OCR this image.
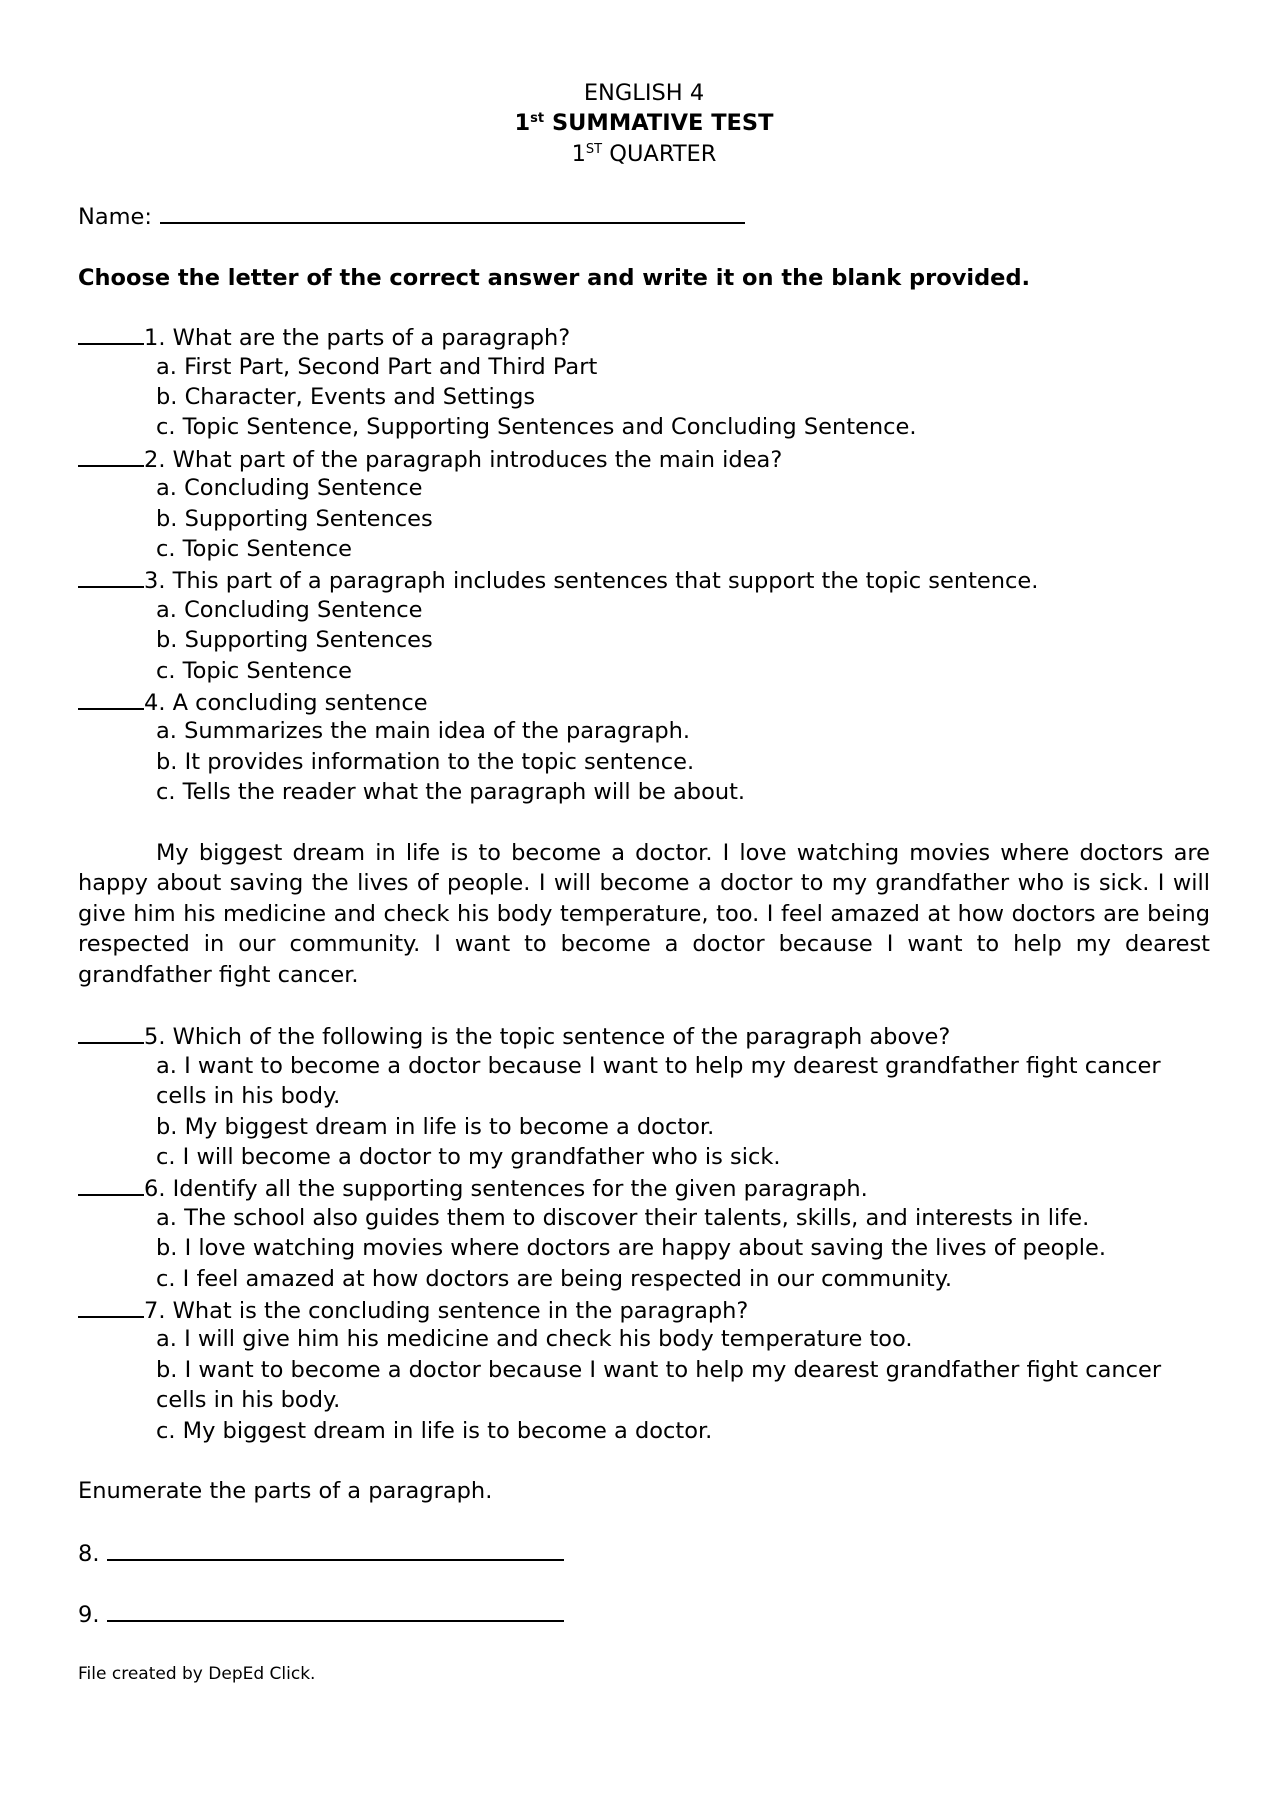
ENGLISH 4
1st SUMMATIVE TEST
1ST QUARTER
Name:
Choose the letter of the correct answer and write it on the blank provided.
1. What are the parts of a paragraph?
a. First Part, Second Part and Third Part
b. Character, Events and Settings
c. Topic Sentence, Supporting Sentences and Concluding Sentence.
2. What part of the paragraph introduces the main idea?
a. Concluding Sentence
b. Supporting Sentences
c. Topic Sentence
3. This part of a paragraph includes sentences that support the topic sentence.
a. Concluding Sentence
b. Supporting Sentences
c. Topic Sentence
4. A concluding sentence
a. Summarizes the main idea of the paragraph.
b. It provides information to the topic sentence.
c. Tells the reader what the paragraph will be about.
My biggest dream in life is to become a doctor. I love watching movies where doctors are happy about saving the lives of people. I will become a doctor to my grandfather who is sick. I will give him his medicine and check his body temperature, too. I feel amazed at how doctors are being respected in our community. I want to become a doctor because I want to help my dearest grandfather fight cancer.
5. Which of the following is the topic sentence of the paragraph above?
a. I want to become a doctor because I want to help my dearest grandfather fight cancer cells in his body.
b. My biggest dream in life is to become a doctor.
c. I will become a doctor to my grandfather who is sick.
6. Identify all the supporting sentences for the given paragraph.
a. The school also guides them to discover their talents, skills, and interests in life.
b. I love watching movies where doctors are happy about saving the lives of people.
c. I feel amazed at how doctors are being respected in our community.
7. What is the concluding sentence in the paragraph?
a. I will give him his medicine and check his body temperature too.
b. I want to become a doctor because I want to help my dearest grandfather fight cancer cells in his body.
c. My biggest dream in life is to become a doctor.
Enumerate the parts of a paragraph.
8.
9.
File created by DepEd Click.
